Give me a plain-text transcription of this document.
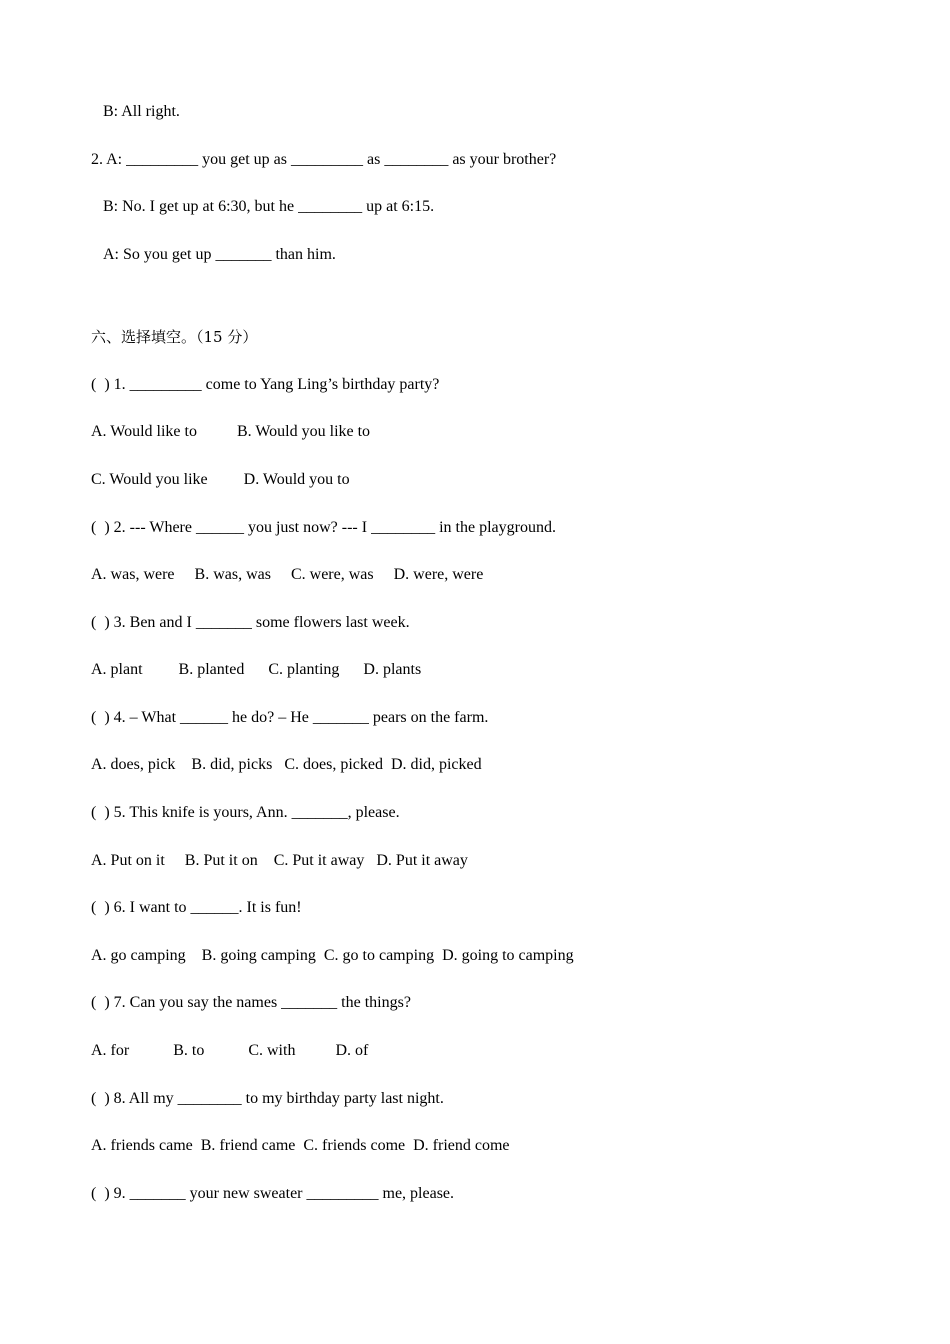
B: All right.
2. A: _________ you get up as _________ as ________ as your brother?
B: No. I get up at 6:30, but he ________ up at 6:15.
A: So you get up _______ than him.
六、选择填空。（15 分）
(  ) 1. _________ come to Yang Ling’s birthday party?
A. Would like to          B. Would you like to
C. Would you like         D. Would you to
(  ) 2. --- Where ______ you just now? --- I ________ in the playground.
A. was, were     B. was, was     C. were, was     D. were, were
(  ) 3. Ben and I _______ some flowers last week.
A. plant         B. planted      C. planting      D. plants
(  ) 4. – What ______ he do? – He _______ pears on the farm.
A. does, pick    B. did, picks   C. does, picked  D. did, picked
(  ) 5. This knife is yours, Ann. _______, please.
A. Put on it     B. Put it on    C. Put it away   D. Put it away
(  ) 6. I want to ______. It is fun!
A. go camping    B. going camping  C. go to camping  D. going to camping
(  ) 7. Can you say the names _______ the things?
A. for           B. to           C. with          D. of
(  ) 8. All my ________ to my birthday party last night.
A. friends came  B. friend came  C. friends come  D. friend come
(  ) 9. _______ your new sweater _________ me, please.
